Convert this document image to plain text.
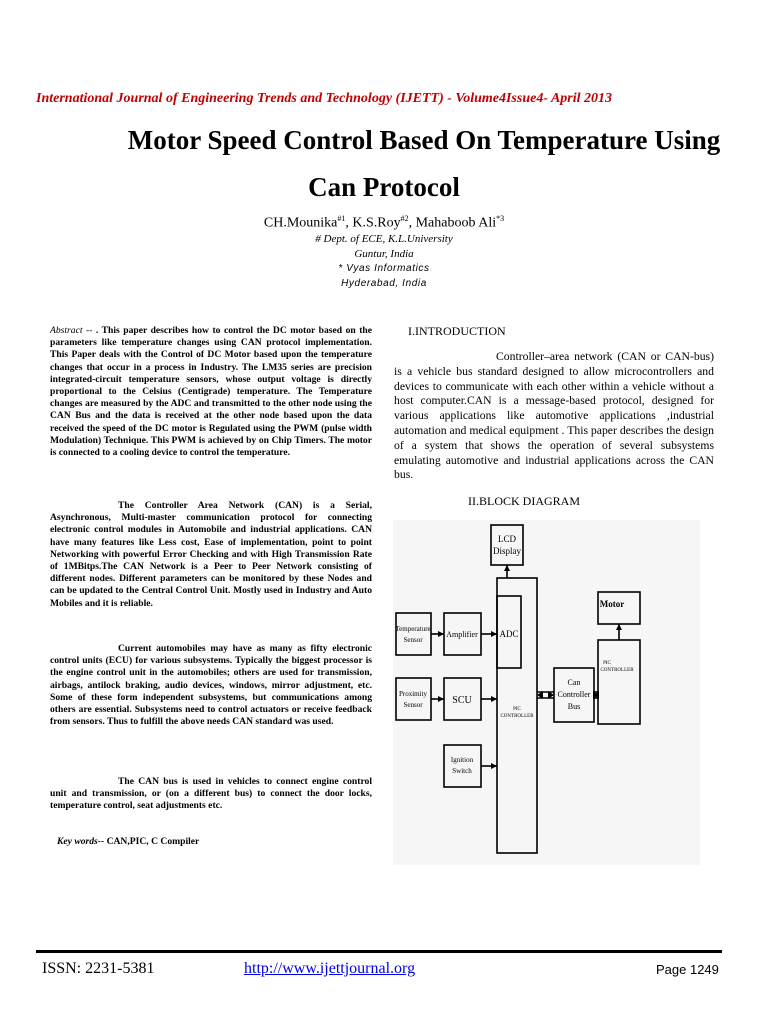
International Journal of Engineering Trends and Technology (IJETT) - Volume4Issue4- April 2013
Motor Speed Control Based On Temperature Using
Can Protocol
CH.Mounika$^{\#1}$, K.S.Roy$^{\#2}$, Mahaboob Ali$^{*3}$
# Dept. of ECE, K.L.University
Guntur, India
* Vyas Informatics
Hyderabad, India

Abstract -- . This paper describes how to control the DC motor based on the parameters like temperature changes using CAN protocol implementation. This Paper deals with the Control of DC Motor based upon the temperature changes that occur in a process in Industry. The LM35 series are precision integrated-circuit temperature sensors, whose output voltage is directly proportional to the Celsius (Centigrade) temperature. The Temperature changes are measured by the ADC and transmitted to the other node using the CAN Bus and the data is received at the other node based upon the data received the speed of the DC motor is Regulated using the PWM (pulse width Modulation) Technique. This PWM is achieved by on Chip Timers. The motor is connected to a cooling device to control the temperature.

The Controller Area Network (CAN) is a Serial, Asynchronous, Multi-master communication protocol for connecting electronic control modules in Automobile and industrial applications. CAN have many features like Less cost, Ease of implementation, point to point Networking with powerful Error Checking and with High Transmission Rate of 1MBitps.The CAN Network is a Peer to Peer Network consisting of different nodes. Different parameters can be monitored by these Nodes and can be updated to the Central Control Unit. Mostly used in Industry and Auto Mobiles and it is reliable.

Current automobiles may have as many as fifty electronic control units (ECU) for various subsystems. Typically the biggest processor is the engine control unit in the automobiles; others are used for transmission, airbags, antilock braking, audio devices, windows, mirror adjustment, etc. Some of these form independent subsystems, but communications among others are essential. Subsystems need to control actuators or receive feedback from sensors. Thus to fulfill the above needs CAN standard was used.

The CAN bus is used in vehicles to connect engine control unit and transmission, or (on a different bus) to connect the door locks, temperature control, seat adjustments etc.

Key words-- CAN,PIC, C Compiler
I.INTRODUCTION

Controller–area network (CAN or CAN-bus) is a vehicle bus standard designed to allow microcontrollers and devices to communicate with each other within a vehicle without a host computer.CAN is a message-based protocol, designed for various applications like automotive applications ,industrial automation and medical equipment . This paper describes the design of a system that shows the operation of several subsystems emulating automotive and industrial applications across the CAN bus.

II.BLOCK DIAGRAM
LCD
Display
Temperature
Sensor
Amplifier ADC
Proximity
Sensor	SCU
PIC
CONTROLLER
Ignition
Switch
Can
Controller
Bus
Motor
PIC
CONTROLLER
ISSN: 2231-5381	http://www.ijettjournal.org	Page 1249
